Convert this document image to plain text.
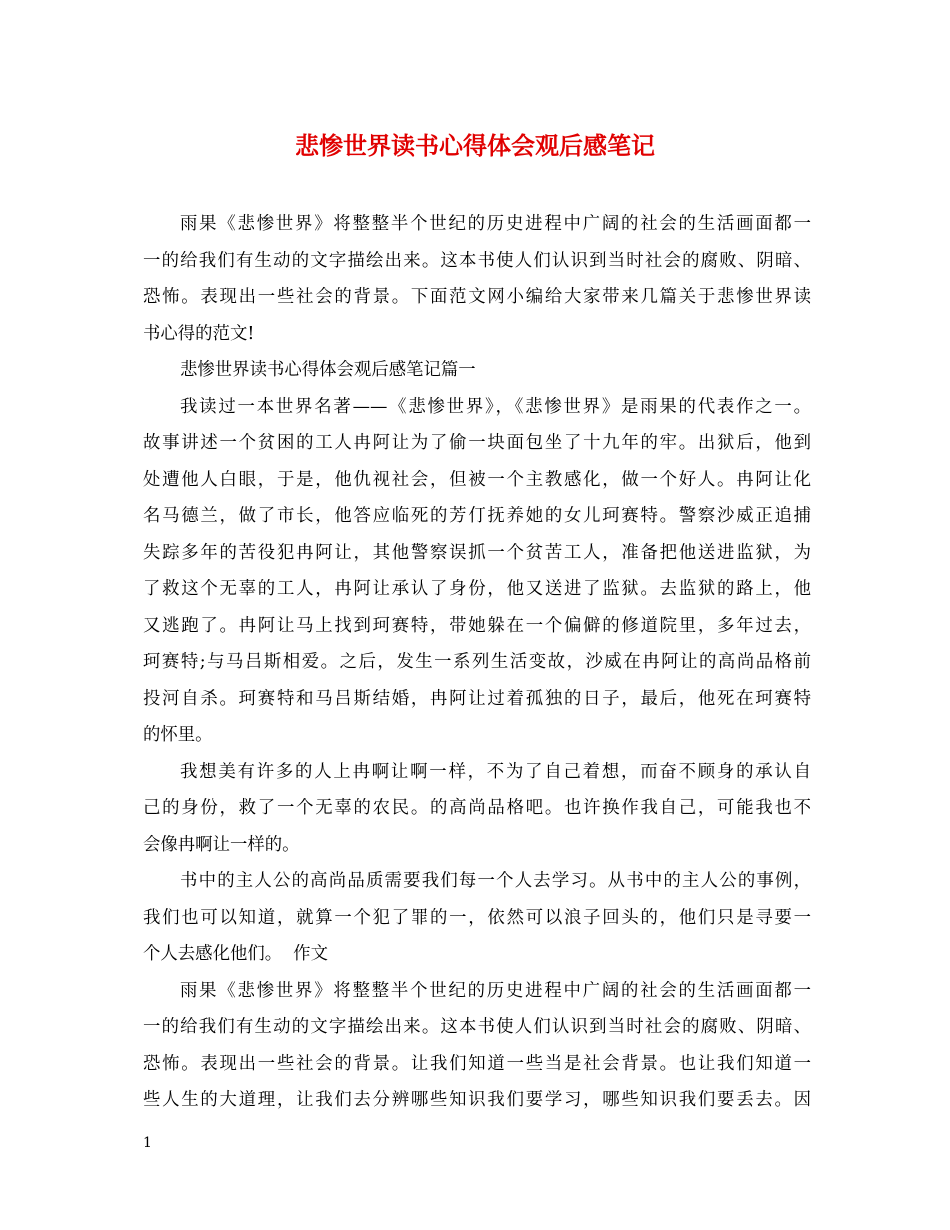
悲惨世界读书心得体会观后感笔记
雨果《悲惨世界》将整整半个世纪的历史进程中广阔的社会的生活画面都一
一的给我们有生动的文字描绘出来。这本书使人们认识到当时社会的腐败、阴暗、
恐怖。表现出一些社会的背景。下面范文网小编给大家带来几篇关于悲惨世界读
书心得的范文!
悲惨世界读书心得体会观后感笔记篇一
我读过一本世界名著——《悲惨世界》，《悲惨世界》是雨果的代表作之一。
故事讲述一个贫困的工人冉阿让为了偷一块面包坐了十九年的牢。出狱后，他到
处遭他人白眼，于是，他仇视社会，但被一个主教感化，做一个好人。冉阿让化
名马德兰，做了市长，他答应临死的芳仃抚养她的女儿珂赛特。警察沙威正追捕
失踪多年的苦役犯冉阿让，其他警察误抓一个贫苦工人，准备把他送进监狱，为
了救这个无辜的工人，冉阿让承认了身份，他又送进了监狱。去监狱的路上，他
又逃跑了。冉阿让马上找到珂赛特，带她躲在一个偏僻的修道院里，多年过去，
珂赛特;与马吕斯相爱。之后，发生一系列生活变故，沙威在冉阿让的高尚品格前
投河自杀。珂赛特和马吕斯结婚，冉阿让过着孤独的日子，最后，他死在珂赛特
的怀里。
我想美有许多的人上冉啊让啊一样，不为了自己着想，而奋不顾身的承认自
己的身份，救了一个无辜的农民。的高尚品格吧。也许换作我自己，可能我也不
会像冉啊让一样的。
书中的主人公的高尚品质需要我们每一个人去学习。从书中的主人公的事例，
我们也可以知道，就算一个犯了罪的一，依然可以浪子回头的，他们只是寻要一
个人去感化他们。  作文
雨果《悲惨世界》将整整半个世纪的历史进程中广阔的社会的生活画面都一
一的给我们有生动的文字描绘出来。这本书使人们认识到当时社会的腐败、阴暗、
恐怖。表现出一些社会的背景。让我们知道一些当是社会背景。也让我们知道一
些人生的大道理，让我们去分辨哪些知识我们要学习，哪些知识我们要丢去。因
1
